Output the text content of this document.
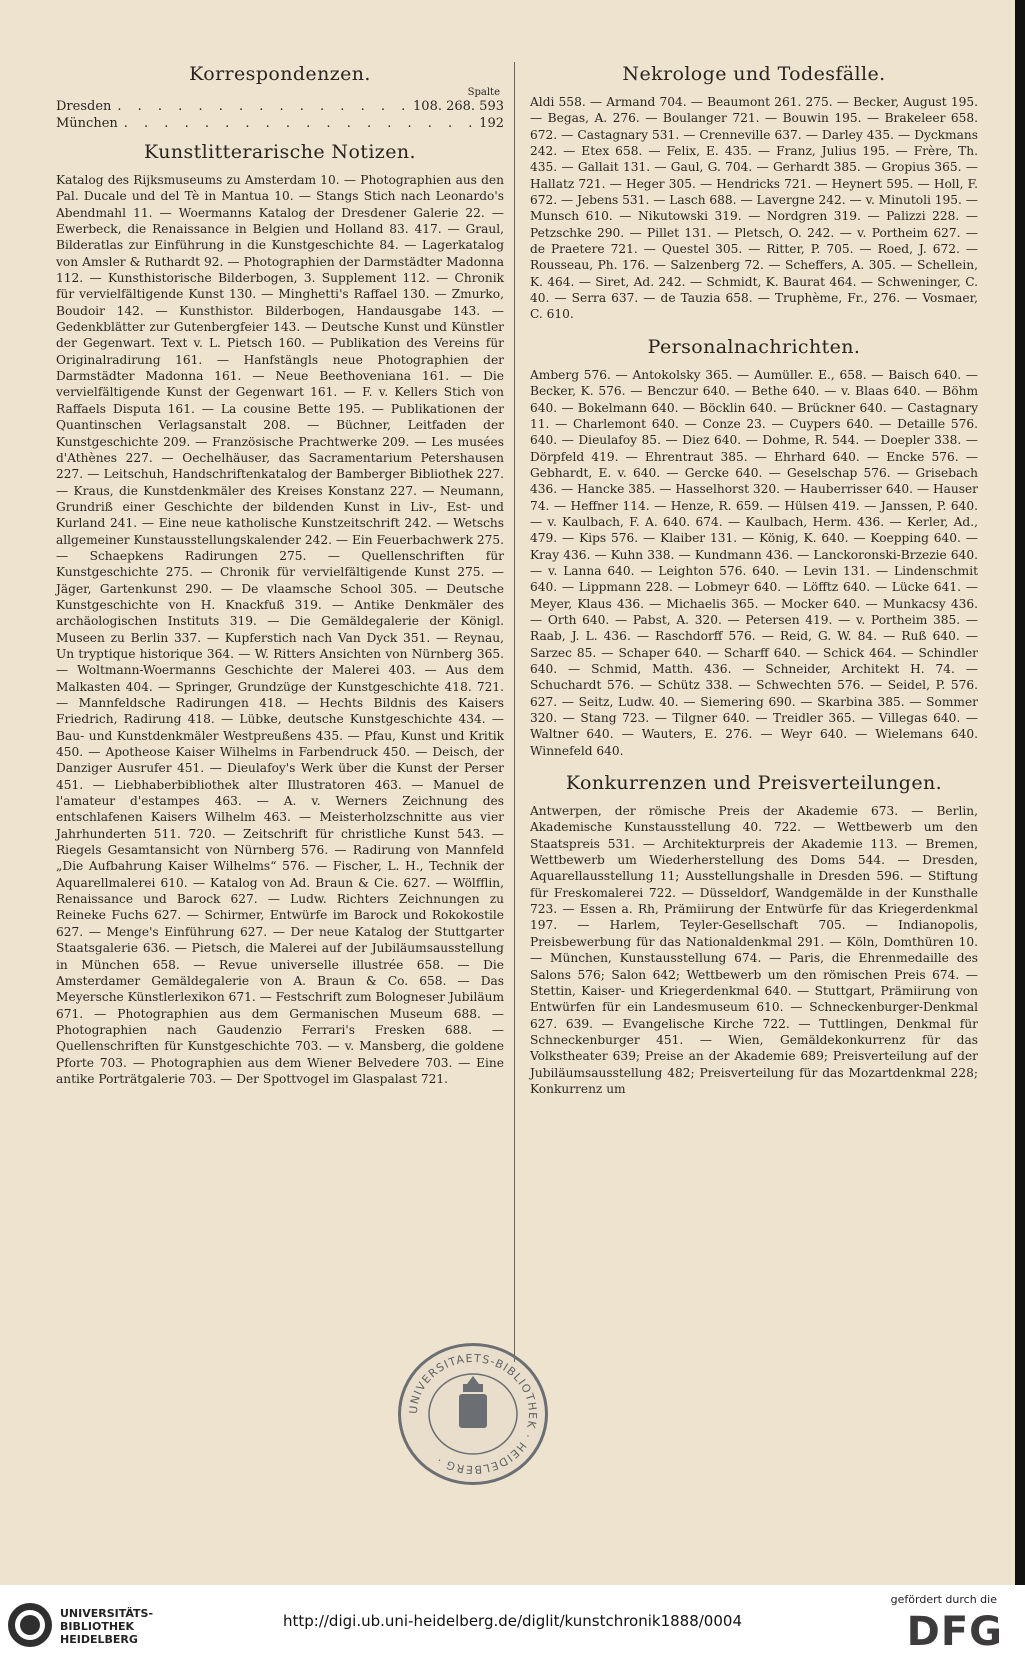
Korrespondenzen.
Spalte
Dresden . . .	108. 268. 593
München . . .	192
Kunstlitterarische Notizen.

Katalog des Rijksmuseums zu Amsterdam 10. — Photographien aus den Pal. Ducale und del Tè in Mantua 10. — Stangs Stich nach Leonardo's Abendmahl 11. — Woermanns Katalog der Dresdener Galerie 22. — Ewerbeck, die Renaissance in Belgien und Holland 83. 417. — Graul, Bilderatlas zur Einführung in die Kunstgeschichte 84. — Lagerkatalog von Amsler & Ruthardt 92. — Photographien der Darmstädter Madonna 112. — Kunsthistorische Bilderbogen, 3. Supplement 112. — Chronik für vervielfältigende Kunst 130. — Minghetti's Raffael 130. — Zmurko, Boudoir 142. — Kunsthistor. Bilderbogen, Handausgabe 143. — Gedenkblätter zur Gutenbergfeier 143. — Deutsche Kunst und Künstler der Gegenwart. Text v. L. Pietsch 160. — Publikation des Vereins für Originalradirung 161. — Hanfstängls neue Photographien der Darmstädter Madonna 161. — Neue Beethoveniana 161. — Die vervielfältigende Kunst der Gegenwart 161. — F. v. Kellers Stich von Raffaels Disputa 161. — La cousine Bette 195. — Publikationen der Quantinschen Verlagsanstalt 208. — Büchner, Leitfaden der Kunstgeschichte 209. — Französische Prachtwerke 209. — Les musées d'Athènes 227. — Oechelhäuser, das Sacramentarium Petershausen 227. — Leitschuh, Handschriftenkatalog der Bamberger Bibliothek 227. — Kraus, die Kunstdenkmäler des Kreises Konstanz 227. — Neumann, Grundriß einer Geschichte der bildenden Kunst in Liv-, Est- und Kurland 241. — Eine neue katholische Kunstzeitschrift 242. — Wetschs allgemeiner Kunstausstellungskalender 242. — Ein Feuerbachwerk 275. — Schaepkens Radirungen 275. — Quellenschriften für Kunstgeschichte 275. — Chronik für vervielfältigende Kunst 275. — Jäger, Gartenkunst 290. — De vlaamsche School 305. — Deutsche Kunstgeschichte von H. Knackfuß 319. — Antike Denkmäler des archäologischen Instituts 319. — Die Gemäldegalerie der Königl. Museen zu Berlin 337. — Kupferstich nach Van Dyck 351. — Reynau, Un tryptique historique 364. — W. Ritters Ansichten von Nürnberg 365. — Woltmann-Woermanns Geschichte der Malerei 403. — Aus dem Malkasten 404. — Springer, Grundzüge der Kunstgeschichte 418. 721. — Mannfeldsche Radirungen 418. — Hechts Bildnis des Kaisers Friedrich, Radirung 418. — Lübke, deutsche Kunstgeschichte 434. — Bau- und Kunstdenkmäler Westpreußens 435. — Pfau, Kunst und Kritik 450. — Apotheose Kaiser Wilhelms in Farbendruck 450. — Deisch, der Danziger Ausrufer 451. — Dieulafoy's Werk über die Kunst der Perser 451. — Liebhaberbibliothek alter Illustratoren 463. — Manuel de l'amateur d'estampes 463. — A. v. Werners Zeichnung des entschlafenen Kaisers Wilhelm 463. — Meisterholzschnitte aus vier Jahrhunderten 511. 720. — Zeitschrift für christliche Kunst 543. — Riegels Gesamtansicht von Nürnberg 576. — Radirung von Mannfeld „Die Aufbahrung Kaiser Wilhelms“ 576. — Fischer, L. H., Technik der Aquarellmalerei 610. — Katalog von Ad. Braun & Cie. 627. — Wölfflin, Renaissance und Barock 627. — Ludw. Richters Zeichnungen zu Reineke Fuchs 627. — Schirmer, Entwürfe im Barock und Rokokostile 627. — Menge's Einführung 627. — Der neue Katalog der Stuttgarter Staatsgalerie 636. — Pietsch, die Malerei auf der Jubiläumsausstellung in München 658. — Revue universelle illustrée 658. — Die Amsterdamer Gemäldegalerie von A. Braun & Co. 658. — Das Meyersche Künstlerlexikon 671. — Festschrift zum Bologneser Jubiläum 671. — Photographien aus dem Germanischen Museum 688. — Photographien nach Gaudenzio Ferrari's Fresken 688. — Quellenschriften für Kunstgeschichte 703. — v. Mansberg, die goldene Pforte 703. — Photographien aus dem Wiener Belvedere 703. — Eine antike Porträtgalerie 703. — Der Spottvogel im Glaspalast 721.

Nekrologe und Todesfälle.

Aldi 558. — Armand 704. — Beaumont 261. 275. — Becker, August 195. — Begas, A. 276. — Boulanger 721. — Bouwin 195. — Brakeleer 658. 672. — Castagnary 531. — Crenneville 637. — Darley 435. — Dyckmans 242. — Etex 658. — Felix, E. 435. — Franz, Julius 195. — Frère, Th. 435. — Gallait 131. — Gaul, G. 704. — Gerhardt 385. — Gropius 365. — Hallatz 721. — Heger 305. — Hendricks 721. — Heynert 595. — Holl, F. 672. — Jebens 531. — Lasch 688. — Lavergne 242. — v. Minutoli 195. — Munsch 610. — Nikutowski 319. — Nordgren 319. — Palizzi 228. — Petzschke 290. — Pillet 131. — Pletsch, O. 242. — v. Portheim 627. — de Praetere 721. — Questel 305. — Ritter, P. 705. — Roed, J. 672. — Rousseau, Ph. 176. — Salzenberg 72. — Scheffers, A. 305. — Schellein, K. 464. — Siret, Ad. 242. — Schmidt, K. Baurat 464. — Schweninger, C. 40. — Serra 637. — de Tauzia 658. — Truphème, Fr., 276. — Vosmaer, C. 610.

Personalnachrichten.

Amberg 576. — Antokolsky 365. — Aumüller. E., 658. — Baisch 640. — Becker, K. 576. — Benczur 640. — Bethe 640. — v. Blaas 640. — Böhm 640. — Bokelmann 640. — Böcklin 640. — Brückner 640. — Castagnary 11. — Charlemont 640. — Conze 23. — Cuypers 640. — Detaille 576. 640. — Dieulafoy 85. — Diez 640. — Dohme, R. 544. — Doepler 338. — Dörpfeld 419. — Ehrentraut 385. — Ehrhard 640. — Encke 576. — Gebhardt, E. v. 640. — Gercke 640. — Geselschap 576. — Grisebach 436. — Hancke 385. — Hasselhorst 320. — Hauberrisser 640. — Hauser 74. — Heffner 114. — Henze, R. 659. — Hülsen 419. — Janssen, P. 640. — v. Kaulbach, F. A. 640. 674. — Kaulbach, Herm. 436. — Kerler, Ad., 479. — Kips 576. — Klaiber 131. — König, K. 640. — Koepping 640. — Kray 436. — Kuhn 338. — Kundmann 436. — Lanckoronski-Brzezie 640. — v. Lanna 640. — Leighton 576. 640. — Levin 131. — Lindenschmit 640. — Lippmann 228. — Lobmeyr 640. — Löfftz 640. — Lücke 641. — Meyer, Klaus 436. — Michaelis 365. — Mocker 640. — Munkacsy 436. — Orth 640. — Pabst, A. 320. — Petersen 419. — v. Portheim 385. — Raab, J. L. 436. — Raschdorff 576. — Reid, G. W. 84. — Ruß 640. — Sarzec 85. — Schaper 640. — Scharff 640. — Schick 464. — Schindler 640. — Schmid, Matth. 436. — Schneider, Architekt H. 74. — Schuchardt 576. — Schütz 338. — Schwechten 576. — Seidel, P. 576. 627. — Seitz, Ludw. 40. — Siemering 690. — Skarbina 385. — Sommer 320. — Stang 723. — Tilgner 640. — Treidler 365. — Villegas 640. — Waltner 640. — Wauters, E. 276. — Weyr 640. — Wielemans 640. Winnefeld 640.

Konkurrenzen und Preisverteilungen.

Antwerpen, der römische Preis der Akademie 673. — Berlin, Akademische Kunstausstellung 40. 722. — Wettbewerb um den Staatspreis 531. — Architekturpreis der Akademie 113. — Bremen, Wettbewerb um Wiederherstellung des Doms 544. — Dresden, Aquarellausstellung 11; Ausstellungshalle in Dresden 596. — Stiftung für Freskomalerei 722. — Düsseldorf, Wandgemälde in der Kunsthalle 723. — Essen a. Rh, Prämiirung der Entwürfe für das Kriegerdenkmal 197. — Harlem, Teyler-Gesellschaft 705. — Indianopolis, Preisbewerbung für das Nationaldenkmal 291. — Köln, Domthüren 10. — München, Kunstausstellung 674. — Paris, die Ehrenmedaille des Salons 576; Salon 642; Wettbewerb um den römischen Preis 674. — Stettin, Kaiser- und Kriegerdenkmal 640. — Stuttgart, Prämiirung von Entwürfen für ein Landesmuseum 610. — Schneckenburger-Denkmal 627. 639. — Evangelische Kirche 722. — Tuttlingen, Denkmal für Schneckenburger 451. — Wien, Gemäldekonkurrenz für das Volkstheater 639; Preise an der Akademie 689; Preisverteilung auf der Jubiläumsausstellung 482; Preisverteilung für das Mozartdenkmal 228; Konkurrenz um

UNIVERSITAETS-BIBLIOTHEK · HEIDELBERG ·
UNIVERSITÄTS-
BIBLIOTHEK
HEIDELBERG
http://digi.ub.uni-heidelberg.de/diglit/kunstchronik1888/0004
gefördert durch die
DFG
